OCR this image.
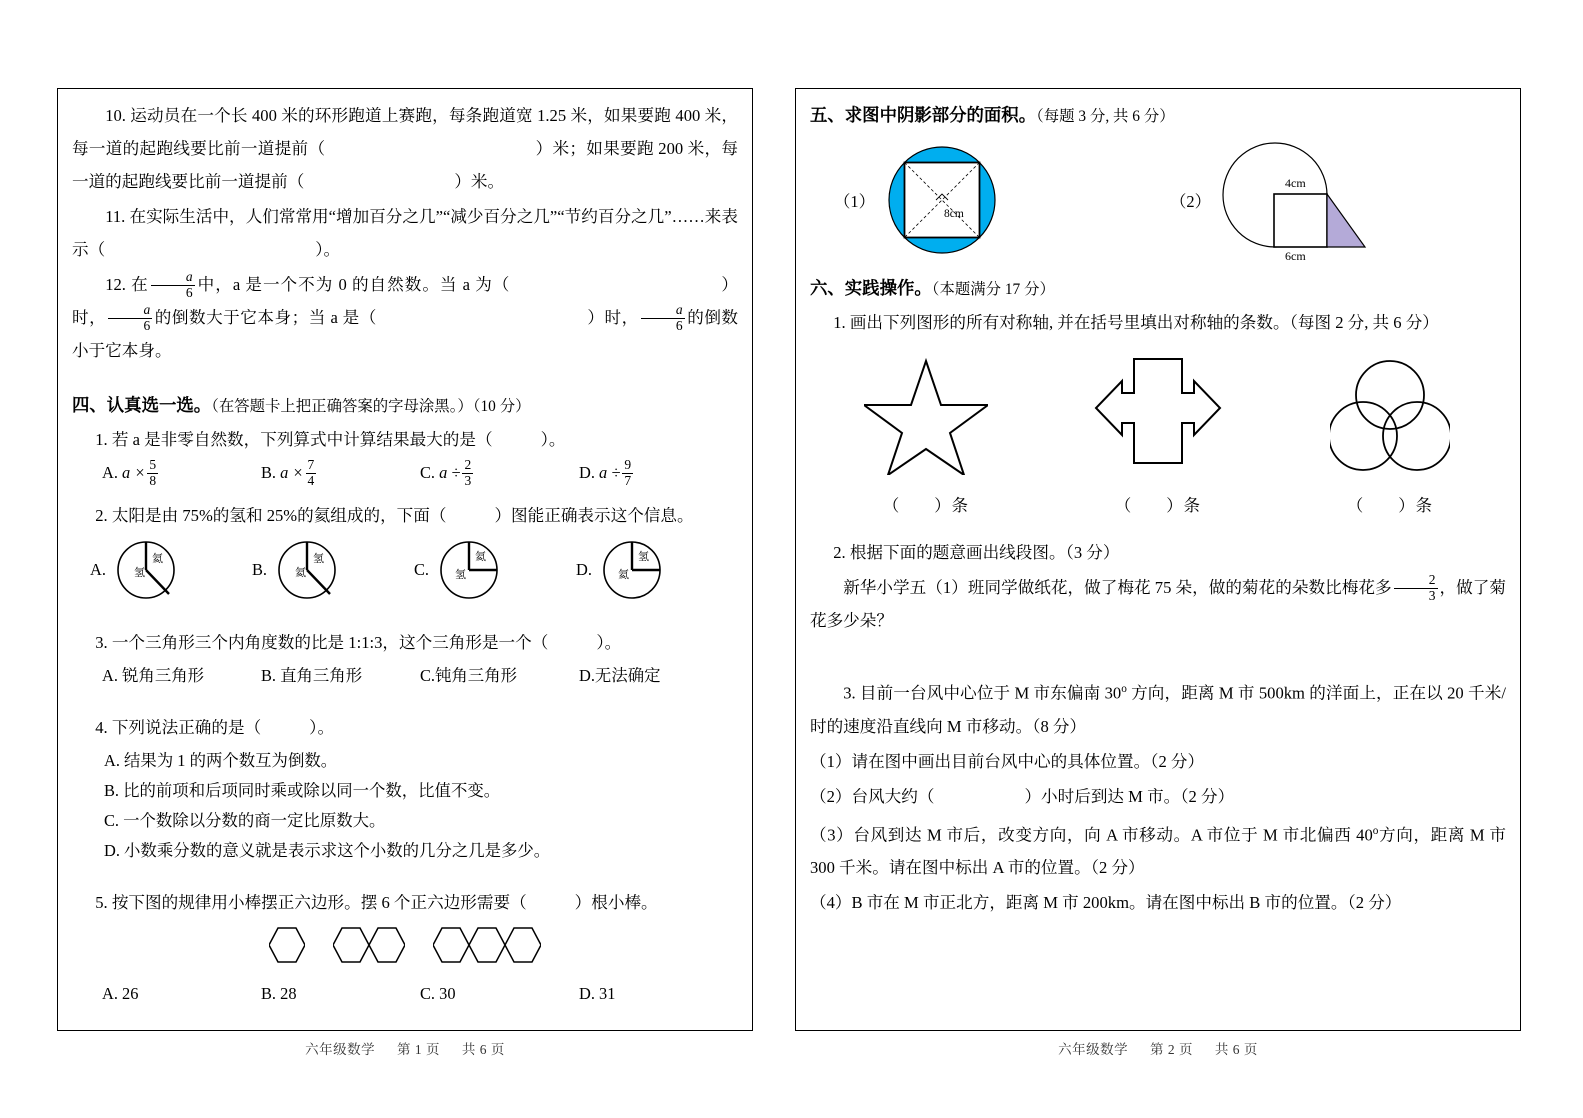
10. 运动员在一个长 400 米的环形跑道上赛跑，每条跑道宽 1.25 米，如果要跑 400 米，每一道的起跑线要比前一道提前（	）米；如果要跑 200 米，每一道的起跑线要比前一道提前（	）米。

11. 在实际生活中，人们常常用“增加百分之几”“减少百分之几”“节约百分之几”……来表示（	）。

12. 在 $\frac{a}{6}$ 中，a 是一个不为 0 的自然数。当 a 为（	）时， $\frac{a}{6}$ 的倒数大于它本身；当 a 是（	）时， $\frac{a}{6}$ 的倒数小于它本身。

四、认真选一选。（在答题卡上把正确答案的字母涂黑。）（10 分）

1. 若 a 是非零自然数，下列算式中计算结果最大的是（	）。

A. $a \times \frac{5}{8}$	B. $a \times \frac{7}{4}$	C. $a \div \frac{2}{3}$	D. $a \div \frac{9}{7}$

2. 太阳是由 75%的氢和 25%的氦组成的，下面（	）图能正确表示这个信息。

A.	氢
氦
B.	氦
氢
C. 氢
氦
D. 氦
氢

3. 一个三角形三个内角度数的比是 1:1:3，这个三角形是一个（	）。

A. 锐角三角形	B. 直角三角形	C.钝角三角形	D.无法确定

4. 下列说法正确的是（	）。

A. 结果为 1 的两个数互为倒数。
B. 比的前项和后项同时乘或除以同一个数，比值不变。
C. 一个数除以分数的商一定比原数大。
D. 小数乘分数的意义就是表示求这个小数的几分之几是多少。

5. 按下图的规律用小棒摆正六边形。摆 6 个正六边形需要（	）根小棒。

A. 26	B. 28	C. 30	D. 31

五、求图中阴影部分的面积。（每题 3 分, 共 6 分）

（1）
8cm
（2）
4cm
6cm

六、实践操作。（本题满分 17 分）

1. 画出下列图形的所有对称轴, 并在括号里填出对称轴的条数。（每图 2 分, 共 6 分）

（ ）条	（ ）条	（ ）条

2. 根据下面的题意画出线段图。（3 分）

新华小学五（1）班同学做纸花，做了梅花 75 朵，做的菊花的朵数比梅花多 $\frac{2}{3}$ ，做了菊花多少朵？

3. 目前一台风中心位于 M 市东偏南 30$^o$ 方向，距离 M 市 500km 的洋面上，正在以 20 千米/时的速度沿直线向 M 市移动。（8 分）

（1）请在图中画出目前台风中心的具体位置。（2 分）

（2）台风大约（	）小时后到达 M 市。（2 分）

（3）台风到达 M 市后，改变方向，向 A 市移动。A 市位于 M 市北偏西 40$^o$方向，距离 M 市 300 千米。请在图中标出 A 市的位置。（2 分）

（4）B 市在 M 市正北方，距离 M 市 200km。请在图中标出 B 市的位置。（2 分）

六年级数学 第 1 页 共 6 页	六年级数学 第 2 页 共 6 页
